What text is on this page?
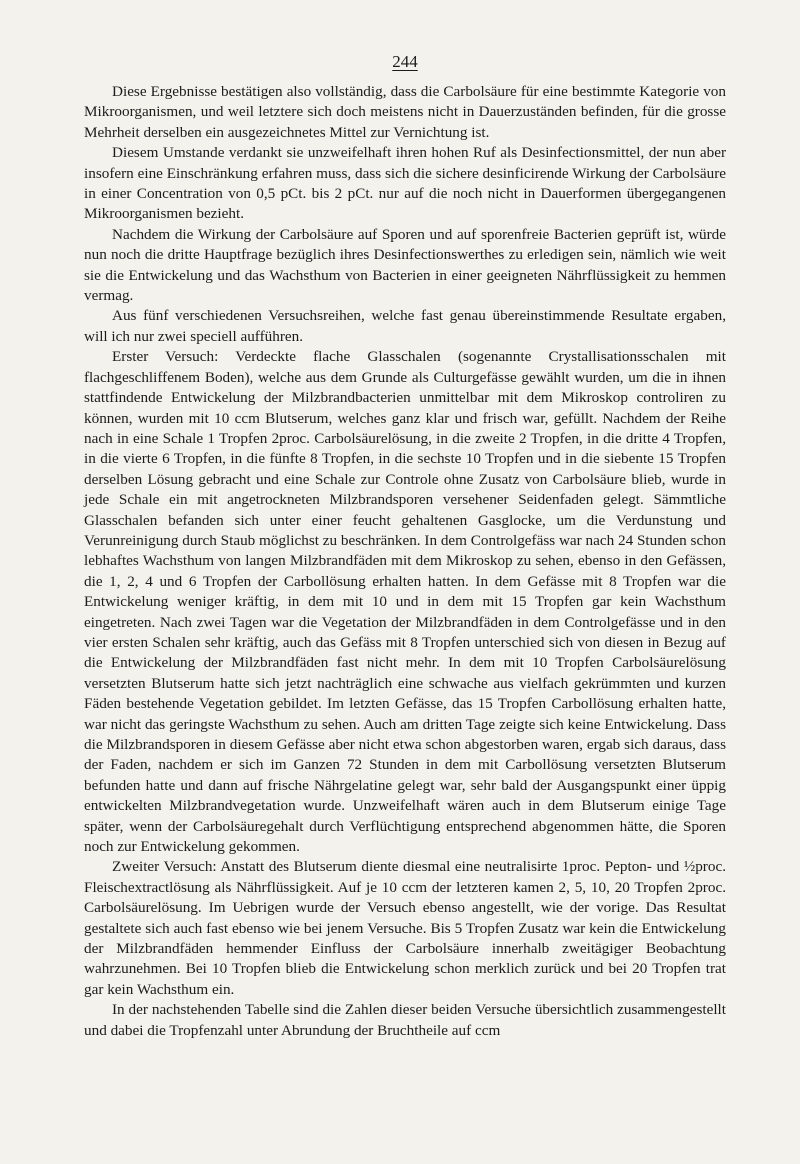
244

Diese Ergebnisse bestätigen also vollständig, dass die Carbolsäure für eine bestimmte Kategorie von Mikroorganismen, und weil letztere sich doch meistens nicht in Dauerzuständen befinden, für die grosse Mehrheit derselben ein ausgezeichnetes Mittel zur Vernichtung ist.

Diesem Umstande verdankt sie unzweifelhaft ihren hohen Ruf als Desinfectionsmittel, der nun aber insofern eine Einschränkung erfahren muss, dass sich die sichere desinficirende Wirkung der Carbolsäure in einer Concentration von 0,5 pCt. bis 2 pCt. nur auf die noch nicht in Dauerformen übergegangenen Mikroorganismen bezieht.

Nachdem die Wirkung der Carbolsäure auf Sporen und auf sporenfreie Bacterien geprüft ist, würde nun noch die dritte Hauptfrage bezüglich ihres Desinfectionswerthes zu erledigen sein, nämlich wie weit sie die Entwickelung und das Wachsthum von Bacterien in einer geeigneten Nährflüssigkeit zu hemmen vermag.

Aus fünf verschiedenen Versuchsreihen, welche fast genau übereinstimmende Resultate ergaben, will ich nur zwei speciell aufführen.

Erster Versuch: Verdeckte flache Glasschalen (sogenannte Crystallisationsschalen mit flachgeschliffenem Boden), welche aus dem Grunde als Culturgefässe gewählt wurden, um die in ihnen stattfindende Entwickelung der Milzbrandbacterien unmittelbar mit dem Mikroskop controliren zu können, wurden mit 10 ccm Blutserum, welches ganz klar und frisch war, gefüllt. Nachdem der Reihe nach in eine Schale 1 Tropfen 2proc. Carbolsäurelösung, in die zweite 2 Tropfen, in die dritte 4 Tropfen, in die vierte 6 Tropfen, in die fünfte 8 Tropfen, in die sechste 10 Tropfen und in die siebente 15 Tropfen derselben Lösung gebracht und eine Schale zur Controle ohne Zusatz von Carbolsäure blieb, wurde in jede Schale ein mit angetrockneten Milzbrandsporen versehener Seidenfaden gelegt. Sämmtliche Glasschalen befanden sich unter einer feucht gehaltenen Gasglocke, um die Verdunstung und Verunreinigung durch Staub möglichst zu beschränken. In dem Controlgefäss war nach 24 Stunden schon lebhaftes Wachsthum von langen Milzbrandfäden mit dem Mikroskop zu sehen, ebenso in den Gefässen, die 1, 2, 4 und 6 Tropfen der Carbollösung erhalten hatten. In dem Gefässe mit 8 Tropfen war die Entwickelung weniger kräftig, in dem mit 10 und in dem mit 15 Tropfen gar kein Wachsthum eingetreten. Nach zwei Tagen war die Vegetation der Milzbrandfäden in dem Controlgefässe und in den vier ersten Schalen sehr kräftig, auch das Gefäss mit 8 Tropfen unterschied sich von diesen in Bezug auf die Entwickelung der Milzbrandfäden fast nicht mehr. In dem mit 10 Tropfen Carbolsäurelösung versetzten Blutserum hatte sich jetzt nachträglich eine schwache aus vielfach gekrümmten und kurzen Fäden bestehende Vegetation gebildet. Im letzten Gefässe, das 15 Tropfen Carbollösung erhalten hatte, war nicht das geringste Wachsthum zu sehen. Auch am dritten Tage zeigte sich keine Entwickelung. Dass die Milzbrandsporen in diesem Gefässe aber nicht etwa schon abgestorben waren, ergab sich daraus, dass der Faden, nachdem er sich im Ganzen 72 Stunden in dem mit Carbollösung versetzten Blutserum befunden hatte und dann auf frische Nährgelatine gelegt war, sehr bald der Ausgangspunkt einer üppig entwickelten Milzbrandvegetation wurde. Unzweifelhaft wären auch in dem Blutserum einige Tage später, wenn der Carbolsäuregehalt durch Verflüchtigung entsprechend abgenommen hätte, die Sporen noch zur Entwickelung gekommen.

Zweiter Versuch: Anstatt des Blutserum diente diesmal eine neutralisirte 1proc. Pepton- und ½proc. Fleischextractlösung als Nährflüssigkeit. Auf je 10 ccm der letzteren kamen 2, 5, 10, 20 Tropfen 2proc. Carbolsäurelösung. Im Uebrigen wurde der Versuch ebenso angestellt, wie der vorige. Das Resultat gestaltete sich auch fast ebenso wie bei jenem Versuche. Bis 5 Tropfen Zusatz war kein die Entwickelung der Milzbrandfäden hemmender Einfluss der Carbolsäure innerhalb zweitägiger Beobachtung wahrzunehmen. Bei 10 Tropfen blieb die Entwickelung schon merklich zurück und bei 20 Tropfen trat gar kein Wachsthum ein.

In der nachstehenden Tabelle sind die Zahlen dieser beiden Versuche übersichtlich zusammengestellt und dabei die Tropfenzahl unter Abrundung der Bruchtheile auf ccm
